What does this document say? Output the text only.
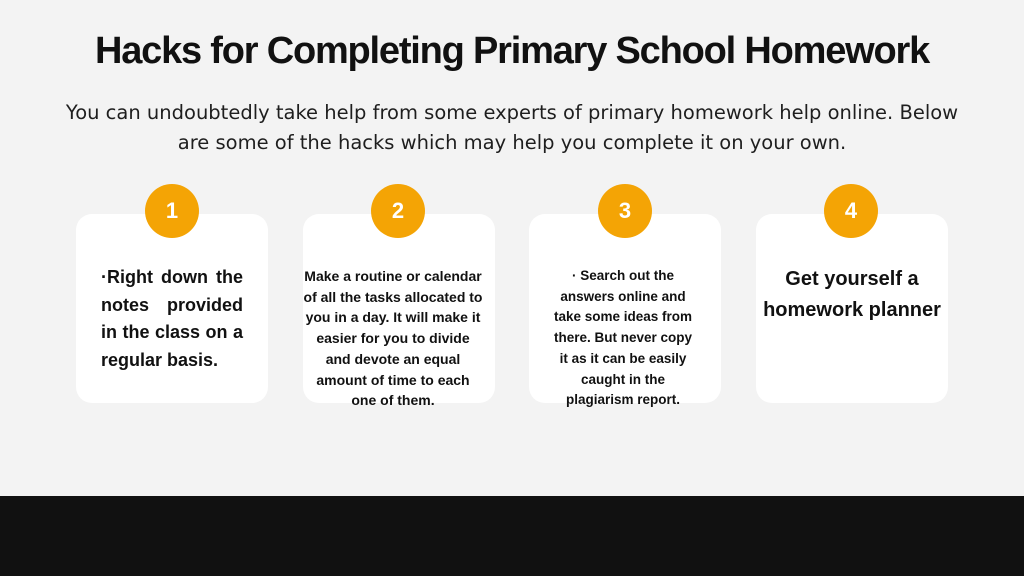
Hacks for Completing Primary School Homework
You can undoubtedly take help from some experts of primary homework help online. Below are some of the hacks which may help you complete it on your own.
1	2	3	4
·Right down the notes provided in the class on a regular basis.
Make a routine or calendar of all the tasks allocated to you in a day. It will make it easier for you to divide and devote an equal amount of time to each one of them.
· Search out the answers online and take some ideas from there. But never copy it as it can be easily caught in the plagiarism report.
Get yourself a homework planner
